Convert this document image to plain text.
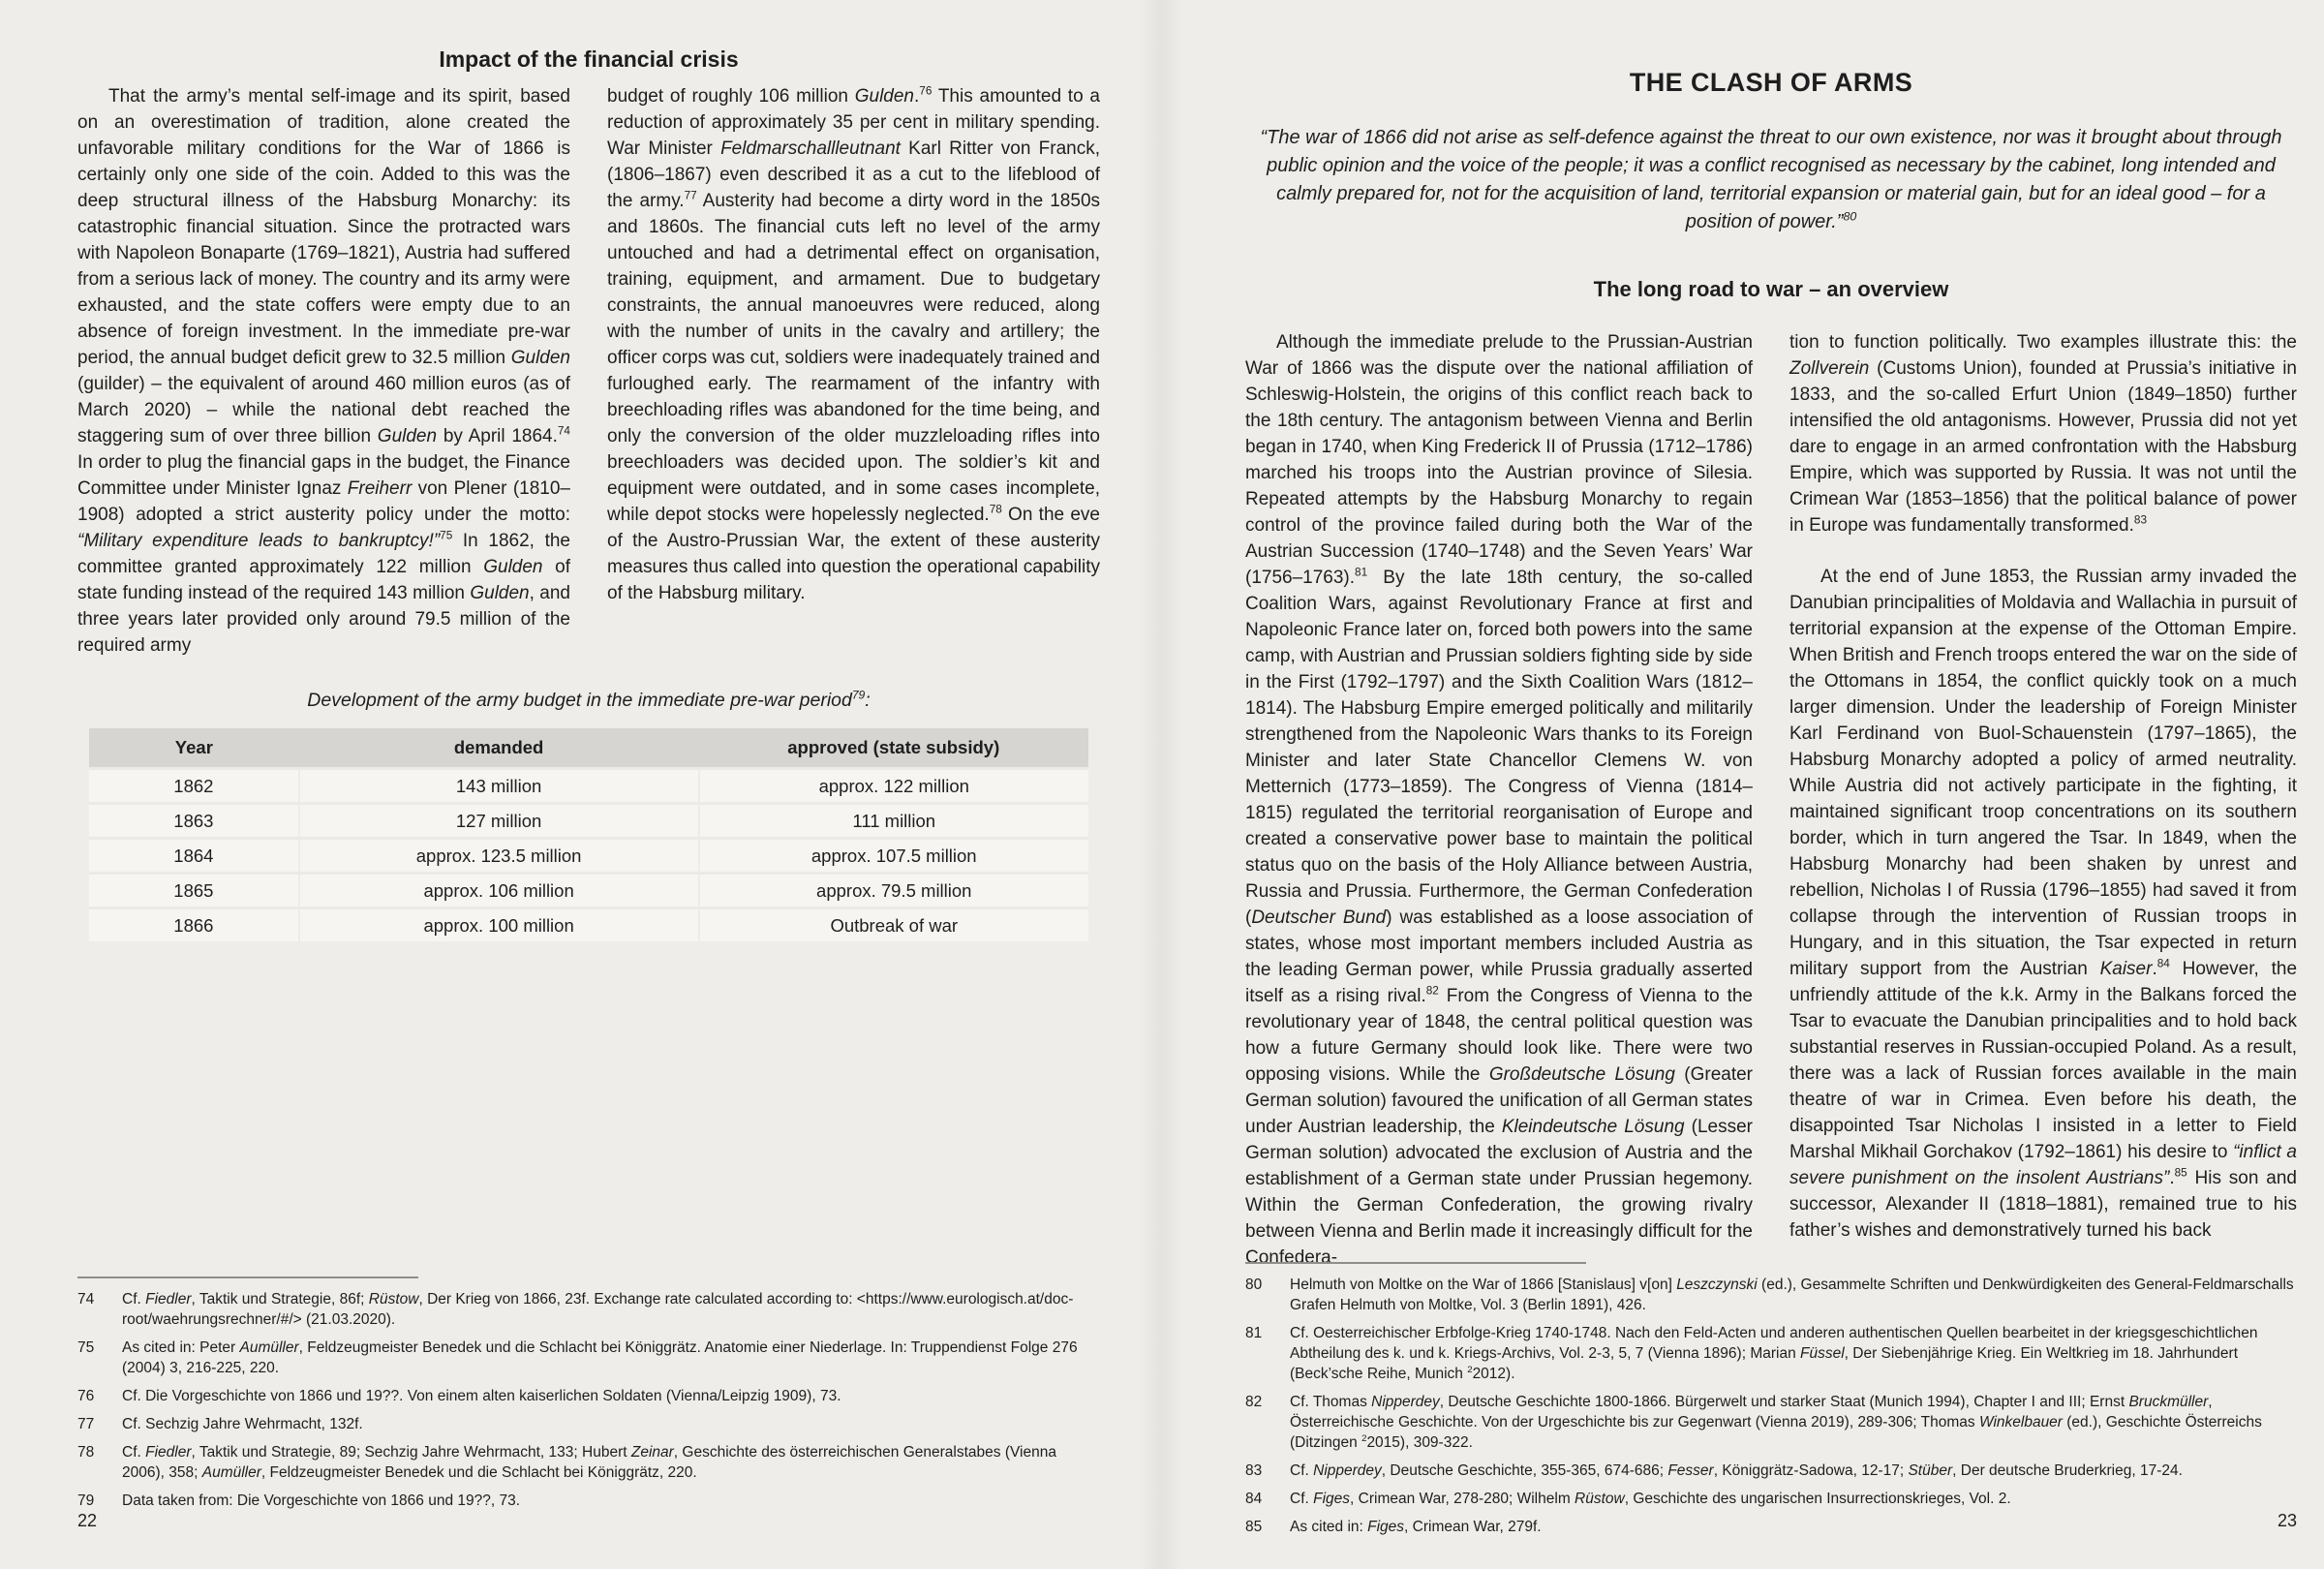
Impact of the financial crisis

That the army’s mental self-image and its spirit, based on an overestimation of tradition, alone created the unfavorable military conditions for the War of 1866 is certainly only one side of the coin. Added to this was the deep structural illness of the Habsburg Monarchy: its catastrophic financial situation. Since the protracted wars with Napoleon Bonaparte (1769–1821), Austria had suffered from a serious lack of money. The country and its army were exhausted, and the state coffers were empty due to an absence of foreign investment. In the immediate pre-war period, the annual budget deficit grew to 32.5 million Gulden (guilder) – the equivalent of around 460 million euros (as of March 2020) – while the national debt reached the staggering sum of over three billion Gulden by April 1864.74 In order to plug the financial gaps in the budget, the Finance Committee under Minister Ignaz Freiherr von Plener (1810–1908) adopted a strict austerity policy under the motto: “Military expenditure leads to bankruptcy!”$^{75}$ In 1862, the committee granted approximately 122 million Gulden of state funding instead of the required 143 million Gulden, and three years later provided only around 79.5 million of the required army

budget of roughly 106 million Gulden.$^{76}$ This amounted to a reduction of approximately 35 per cent in military spending. War Minister Feldmarschallleutnant Karl Ritter von Franck, (1806–1867) even described it as a cut to the lifeblood of the army.$^{77}$ Austerity had become a dirty word in the 1850s and 1860s. The financial cuts left no level of the army untouched and had a detrimental effect on organisation, training, equipment, and armament. Due to budgetary constraints, the annual manoeuvres were reduced, along with the number of units in the cavalry and artillery; the officer corps was cut, soldiers were inadequately trained and furloughed early. The rearmament of the infantry with breechloading rifles was abandoned for the time being, and only the conversion of the older muzzleloading rifles into breechloaders was decided upon. The soldier’s kit and equipment were outdated, and in some cases incomplete, while depot stocks were hopelessly neglected.$^{78}$ On the eve of the Austro-Prussian War, the extent of these austerity measures thus called into question the operational capability of the Habsburg military.

Development of the army budget in the immediate pre-war period$^{79}$:

Year	demanded	approved (state subsidy)
1862	143 million	approx. 122 million
1863	127 million	111 million
1864	approx. 123.5 million	approx. 107.5 million
1865	approx. 106 million	approx. 79.5 million
1866	approx. 100 million	Outbreak of war
74	Cf. Fiedler, Taktik und Strategie, 86f; Rüstow, Der Krieg von 1866, 23f. Exchange rate calculated according to: <https://www.eurologisch.at/doc-root/waehrungsrechner/#/> (21.03.2020).
75	As cited in: Peter Aumüller, Feldzeugmeister Benedek und die Schlacht bei Königgrätz. Anatomie einer Niederlage. In: Truppendienst Folge 276 (2004) 3, 216-225, 220.
76	Cf. Die Vorgeschichte von 1866 und 19??. Von einem alten kaiserlichen Soldaten (Vienna/Leipzig 1909), 73.
77	Cf. Sechzig Jahre Wehrmacht, 132f.
78	Cf. Fiedler, Taktik und Strategie, 89; Sechzig Jahre Wehrmacht, 133; Hubert Zeinar, Geschichte des österreichischen Generalstabes (Vienna 2006), 358; Aumüller, Feldzeugmeister Benedek und die Schlacht bei Königgrätz, 220.
79	Data taken from: Die Vorgeschichte von 1866 und 19??, 73.
22
THE CLASH OF ARMS

“The war of 1866 did not arise as self-defence against the threat to our own existence, nor was it brought about through public opinion and the voice of the people; it was a conflict recognised as necessary by the cabinet, long intended and calmly prepared for, not for the acquisition of land, territorial expansion or material gain, but for an ideal good – for a position of power.”$^{80}$

The long road to war – an overview

Although the immediate prelude to the Prussian-Austrian War of 1866 was the dispute over the national affiliation of Schleswig-Holstein, the origins of this conflict reach back to the 18th century. The antagonism between Vienna and Berlin began in 1740, when King Frederick II of Prussia (1712–1786) marched his troops into the Austrian province of Silesia. Repeated attempts by the Habsburg Monarchy to regain control of the province failed during both the War of the Austrian Succession (1740–1748) and the Seven Years’ War (1756–1763).$^{81}$ By the late 18th century, the so-called Coalition Wars, against Revolutionary France at first and Napoleonic France later on, forced both powers into the same camp, with Austrian and Prussian soldiers fighting side by side in the First (1792–1797) and the Sixth Coalition Wars (1812–1814). The Habsburg Empire emerged politically and militarily strengthened from the Napoleonic Wars thanks to its Foreign Minister and later State Chancellor Clemens W. von Metternich (1773–1859). The Congress of Vienna (1814–1815) regulated the territorial reorganisation of Europe and created a conservative power base to maintain the political status quo on the basis of the Holy Alliance between Austria, Russia and Prussia. Furthermore, the German Confederation (Deutscher Bund) was established as a loose association of states, whose most important members included Austria as the leading German power, while Prussia gradually asserted itself as a rising rival.$^{82}$ From the Congress of Vienna to the revolutionary year of 1848, the central political question was how a future Germany should look like. There were two opposing visions. While the Großdeutsche Lösung (Greater German solution) favoured the unification of all German states under Austrian leadership, the Kleindeutsche Lösung (Lesser German solution) advocated the exclusion of Austria and the establishment of a German state under Prussian hegemony. Within the German Confederation, the growing rivalry between Vienna and Berlin made it increasingly difficult for the Confedera-

tion to function politically. Two examples illustrate this: the Zollverein (Customs Union), founded at Prussia’s initiative in 1833, and the so-called Erfurt Union (1849–1850) further intensified the old antagonisms. However, Prussia did not yet dare to engage in an armed confrontation with the Habsburg Empire, which was supported by Russia. It was not until the Crimean War (1853–1856) that the political balance of power in Europe was fundamentally transformed.$^{83}$

At the end of June 1853, the Russian army invaded the Danubian principalities of Moldavia and Wallachia in pursuit of territorial expansion at the expense of the Ottoman Empire. When British and French troops entered the war on the side of the Ottomans in 1854, the conflict quickly took on a much larger dimension. Under the leadership of Foreign Minister Karl Ferdinand von Buol-Schauenstein (1797–1865), the Habsburg Monarchy adopted a policy of armed neutrality. While Austria did not actively participate in the fighting, it maintained significant troop concentrations on its southern border, which in turn angered the Tsar. In 1849, when the Habsburg Monarchy had been shaken by unrest and rebellion, Nicholas I of Russia (1796–1855) had saved it from collapse through the intervention of Russian troops in Hungary, and in this situation, the Tsar expected in return military support from the Austrian Kaiser.$^{84}$ However, the unfriendly attitude of the k.k. Army in the Balkans forced the Tsar to evacuate the Danubian principalities and to hold back substantial reserves in Russian-occupied Poland. As a result, there was a lack of Russian forces available in the main theatre of war in Crimea. Even before his death, the disappointed Tsar Nicholas I insisted in a letter to Field Marshal Mikhail Gorchakov (1792–1861) his desire to “inflict a severe punishment on the insolent Austrians”.$^{85}$ His son and successor, Alexander II (1818–1881), remained true to his father’s wishes and demonstratively turned his back

80	Helmuth von Moltke on the War of 1866 [Stanislaus] v[on] Leszczynski (ed.), Gesammelte Schriften und Denkwürdigkeiten des General-Feldmarschalls Grafen Helmuth von Moltke, Vol. 3 (Berlin 1891), 426.
81	Cf. Oesterreichischer Erbfolge-Krieg 1740-1748. Nach den Feld-Acten und anderen authentischen Quellen bearbeitet in der kriegsgeschichtlichen Abtheilung des k. und k. Kriegs-Archivs, Vol. 2-3, 5, 7 (Vienna 1896); Marian Füssel, Der Siebenjährige Krieg. Ein Weltkrieg im 18. Jahrhundert (Beck’sche Reihe, Munich $^2$2012).
82	Cf. Thomas Nipperdey, Deutsche Geschichte 1800-1866. Bürgerwelt und starker Staat (Munich 1994), Chapter I and III; Ernst Bruckmüller, Österreichische Geschichte. Von der Urgeschichte bis zur Gegenwart (Vienna 2019), 289-306; Thomas Winkelbauer (ed.), Geschichte Österreichs (Ditzingen $^2$2015), 309-322.
83	Cf. Nipperdey, Deutsche Geschichte, 355-365, 674-686; Fesser, Königgrätz-Sadowa, 12-17; Stüber, Der deutsche Bruderkrieg, 17-24.
84	Cf. Figes, Crimean War, 278-280; Wilhelm Rüstow, Geschichte des ungarischen Insurrectionskrieges, Vol. 2.
85	As cited in: Figes, Crimean War, 279f.	23
